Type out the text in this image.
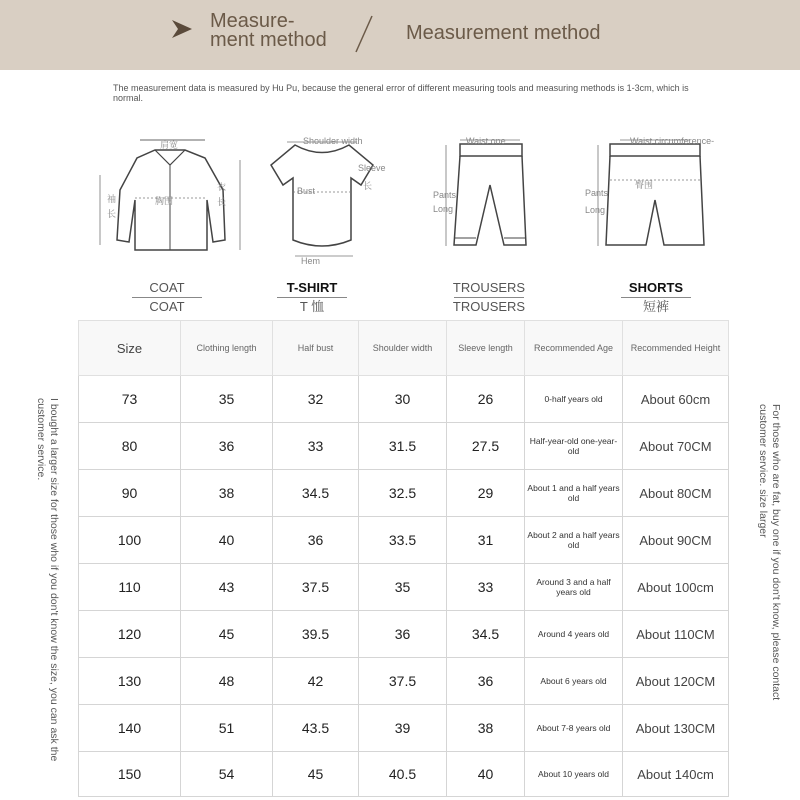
Measure-
ment method	Measurement method
The measurement data is measured by Hu Pu, because the general error of different measuring tools and measuring methods is 1-3cm, which is normal.
肩宽
胸围
袖长
衣长
COAT
COAT
Shoulder width
Sleeve
长
Bust
Hem
T-SHIRT
T 恤
Waist one
Pants
Long
TROUSERS
TROUSERS
Waist circumference-
臀围
Pants
Long
SHORTS
短裤
I bought a larger size for those who if you don't know the size, you can ask the customer service.	For those who are fat, buy one if you don't know, please contact customer service. size larger
Size	Clothing length	Half bust	Shoulder width	Sleeve length	Recommended Age	Recommended Height
73	35	32	30	26	0-half years old	About 60cm
80	36	33	31.5	27.5	Half-year-old one-year-old	About 70CM
90	38	34.5	32.5	29	About 1 and a half years old	About 80CM
100	40	36	33.5	31	About 2 and a half years old	About 90CM
110	43	37.5	35	33	Around 3 and a half years old	About 100cm
120	45	39.5	36	34.5	Around 4 years old	About 110CM
130	48	42	37.5	36	About 6 years old	About 120CM
140	51	43.5	39	38	About 7-8 years old	About 130CM
150	54	45	40.5	40	About 10 years old	About 140cm
